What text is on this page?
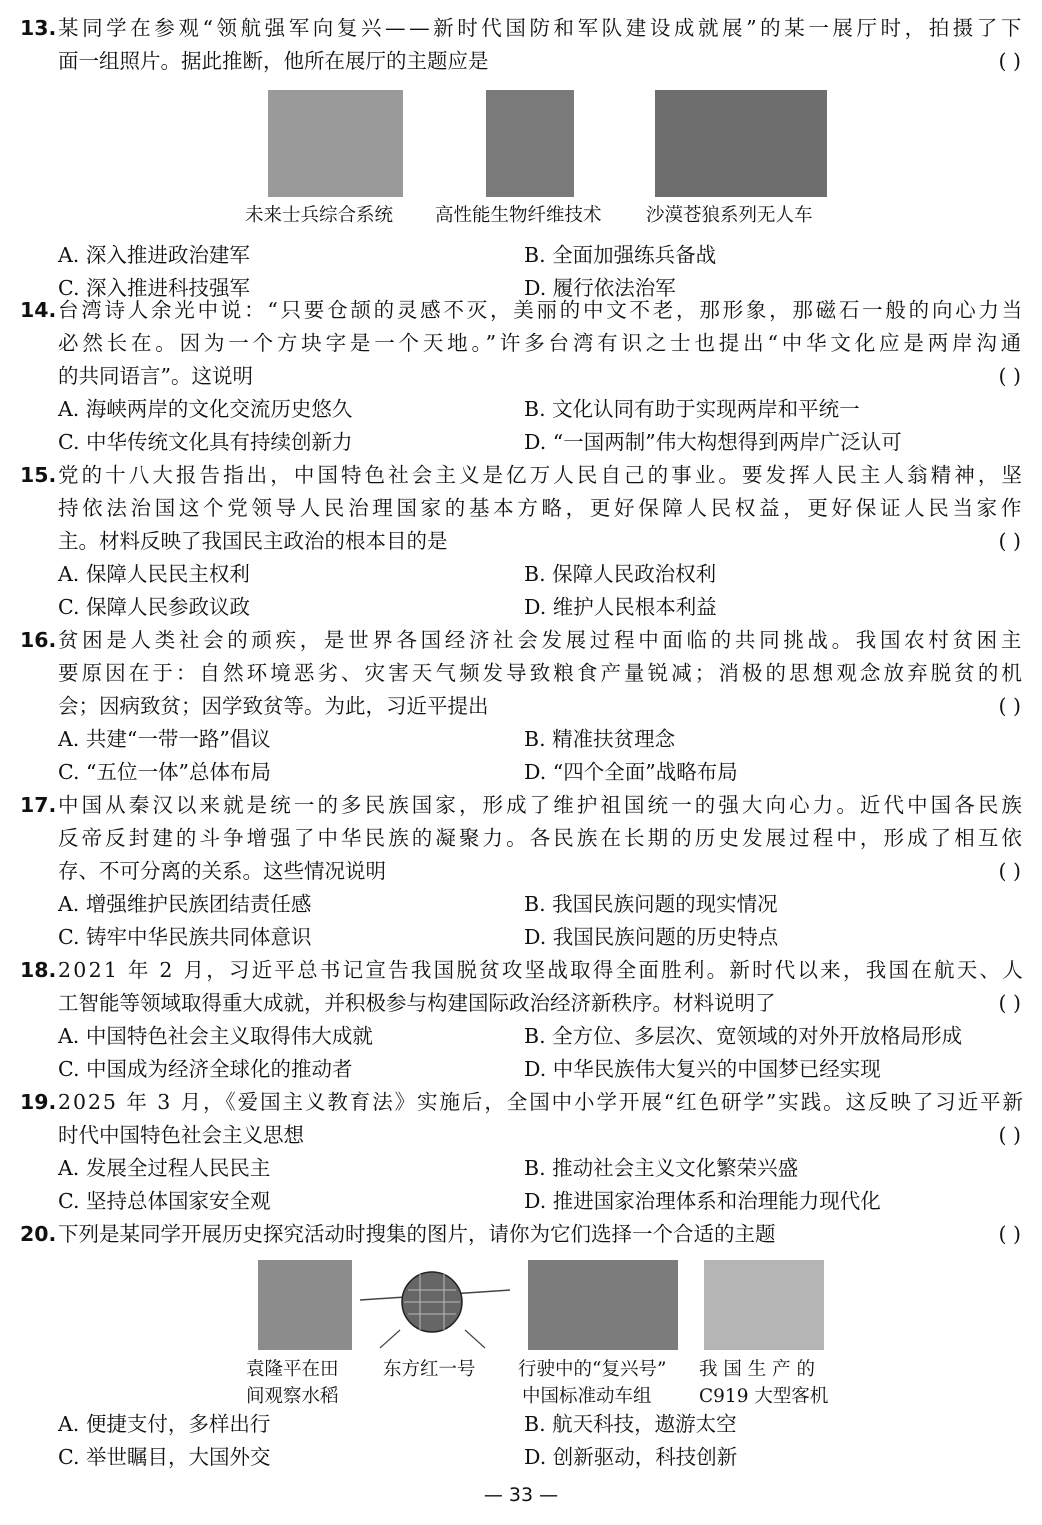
13.某同学在参观“领航强军向复兴——新时代国防和军队建设成就展”的某一展厅时，拍摄了下
面一组照片。据此推断，他所在展厅的主题应是	( )
未来士兵综合系统 高性能生物纤维技术 沙漠苍狼系列无人车
A. 深入推进政治建军	B. 全面加强练兵备战
C. 深入推进科技强军	D. 履行依法治军
14.台湾诗人余光中说：“只要仓颉的灵感不灭，美丽的中文不老，那形象，那磁石一般的向心力当
必然长在。因为一个方块字是一个天地。”许多台湾有识之士也提出“中华文化应是两岸沟通
的共同语言”。这说明	( )
A. 海峡两岸的文化交流历史悠久	B. 文化认同有助于实现两岸和平统一
C. 中华传统文化具有持续创新力	D. “一国两制”伟大构想得到两岸广泛认可
15.党的十八大报告指出，中国特色社会主义是亿万人民自己的事业。要发挥人民主人翁精神，坚
持依法治国这个党领导人民治理国家的基本方略，更好保障人民权益，更好保证人民当家作
主。材料反映了我国民主政治的根本目的是	( )
A. 保障人民民主权利	B. 保障人民政治权利
C. 保障人民参政议政	D. 维护人民根本利益
16.贫困是人类社会的顽疾，是世界各国经济社会发展过程中面临的共同挑战。我国农村贫困主
要原因在于：自然环境恶劣、灾害天气频发导致粮食产量锐减；消极的思想观念放弃脱贫的机
会；因病致贫；因学致贫等。为此，习近平提出	( )
A. 共建“一带一路”倡议	B. 精准扶贫理念
C. “五位一体”总体布局	D. “四个全面”战略布局
17.中国从秦汉以来就是统一的多民族国家，形成了维护祖国统一的强大向心力。近代中国各民族
反帝反封建的斗争增强了中华民族的凝聚力。各民族在长期的历史发展过程中，形成了相互依
存、不可分离的关系。这些情况说明	( )
A. 增强维护民族团结责任感	B. 我国民族问题的现实情况
C. 铸牢中华民族共同体意识	D. 我国民族问题的历史特点
18.2021 年 2 月，习近平总书记宣告我国脱贫攻坚战取得全面胜利。新时代以来，我国在航天、人
工智能等领域取得重大成就，并积极参与构建国际政治经济新秩序。材料说明了	( )
A. 中国特色社会主义取得伟大成就	B. 全方位、多层次、宽领域的对外开放格局形成
C. 中国成为经济全球化的推动者	D. 中华民族伟大复兴的中国梦已经实现
19.2025 年 3 月，《爱国主义教育法》实施后，全国中小学开展“红色研学”实践。这反映了习近平新
时代中国特色社会主义思想	( )
A. 发展全过程人民民主	B. 推动社会主义文化繁荣兴盛
C. 坚持总体国家安全观	D. 推进国家治理体系和治理能力现代化
20.下列是某同学开展历史探究活动时搜集的图片，请你为它们选择一个合适的主题	( )
袁隆平在田
间观察水稻
东方红一号 行驶中的“复兴号”
中国标准动车组
我 国 生 产 的
C919 大型客机
A. 便捷支付，多样出行	B. 航天科技，遨游太空
C. 举世瞩目，大国外交	D. 创新驱动，科技创新
— 33 —
